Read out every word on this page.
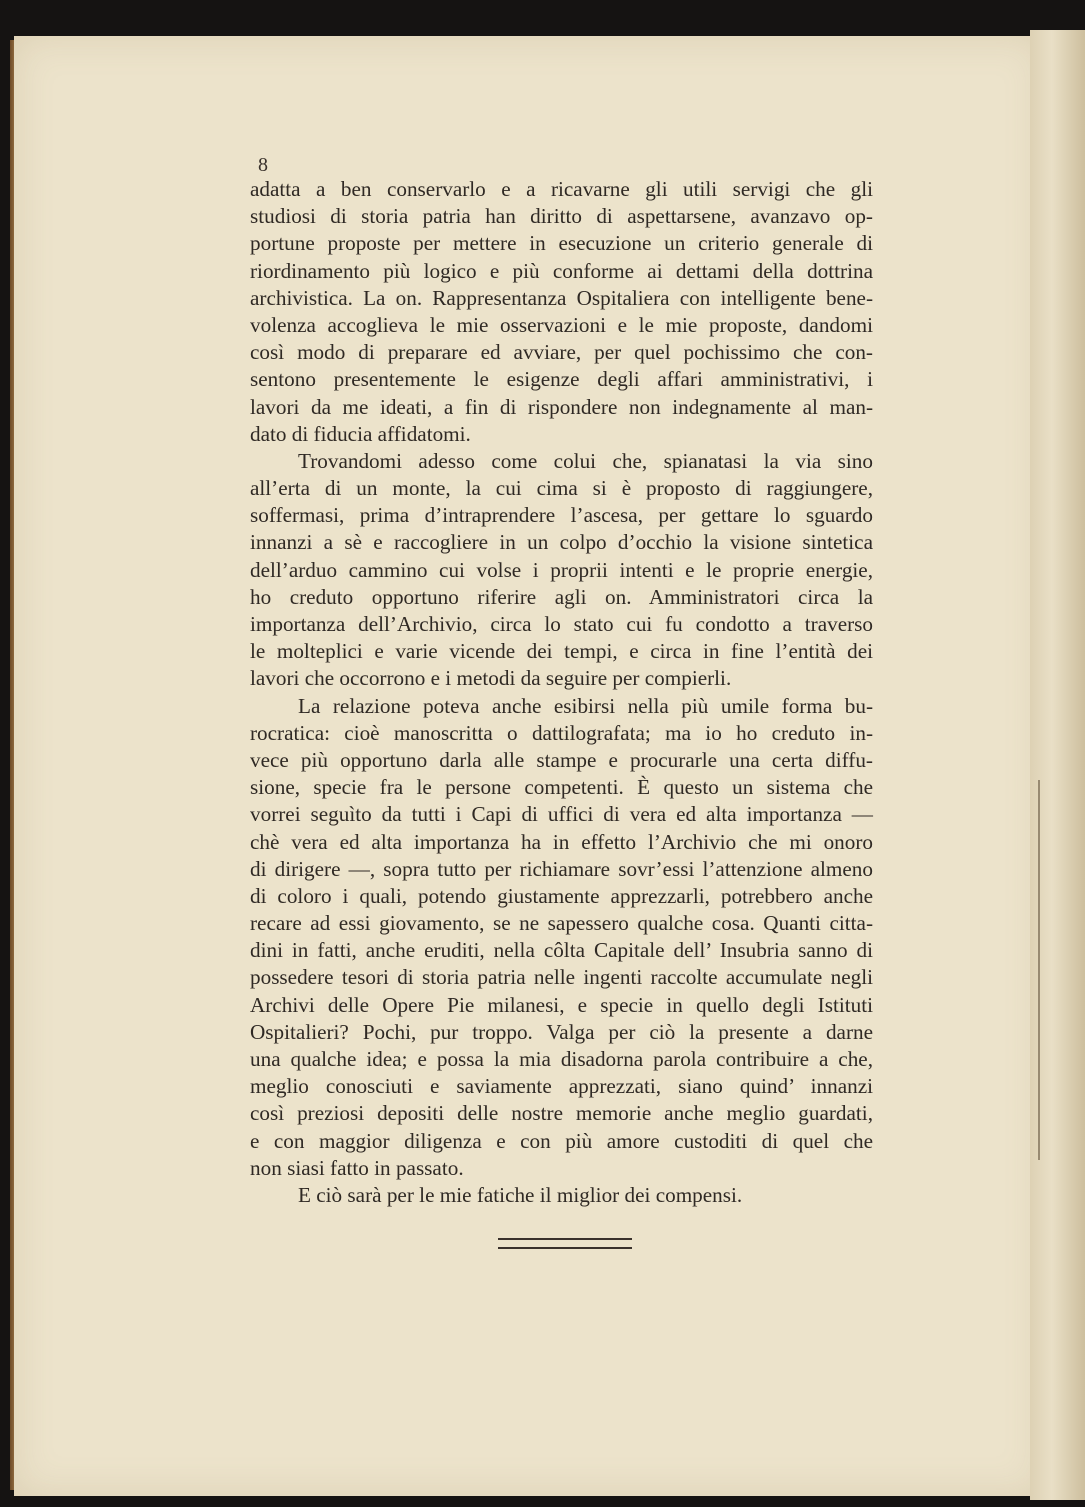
8
adatta a ben conservarlo e a ricavarne gli utili servigi che gli
studiosi di storia patria han diritto di aspettarsene, avanzavo op-
portune proposte per mettere in esecuzione un criterio generale di
riordinamento più logico e più conforme ai dettami della dottrina
archivistica. La on. Rappresentanza Ospitaliera con intelligente bene-
volenza accoglieva le mie osservazioni e le mie proposte, dandomi
così modo di preparare ed avviare, per quel pochissimo che con-
sentono presentemente le esigenze degli affari amministrativi, i
lavori da me ideati, a fin di rispondere non indegnamente al man-
dato di fiducia affidatomi.
Trovandomi adesso come colui che, spianatasi la via sino
all’erta di un monte, la cui cima si è proposto di raggiungere,
soffermasi, prima d’intraprendere l’ascesa, per gettare lo sguardo
innanzi a sè e raccogliere in un colpo d’occhio la visione sintetica
dell’arduo cammino cui volse i proprii intenti e le proprie energie,
ho creduto opportuno riferire agli on. Amministratori circa la
importanza dell’Archivio, circa lo stato cui fu condotto a traverso
le molteplici e varie vicende dei tempi, e circa in fine l’entità dei
lavori che occorrono e i metodi da seguire per compierli.
La relazione poteva anche esibirsi nella più umile forma bu-
rocratica: cioè manoscritta o dattilografata; ma io ho creduto in-
vece più opportuno darla alle stampe e procurarle una certa diffu-
sione, specie fra le persone competenti. È questo un sistema che
vorrei seguìto da tutti i Capi di uffici di vera ed alta importanza —
chè vera ed alta importanza ha in effetto l’Archivio che mi onoro
di dirigere —, sopra tutto per richiamare sovr’essi l’attenzione almeno
di coloro i quali, potendo giustamente apprezzarli, potrebbero anche
recare ad essi giovamento, se ne sapessero qualche cosa. Quanti citta-
dini in fatti, anche eruditi, nella côlta Capitale dell’ Insubria sanno di
possedere tesori di storia patria nelle ingenti raccolte accumulate negli
Archivi delle Opere Pie milanesi, e specie in quello degli Istituti
Ospitalieri? Pochi, pur troppo. Valga per ciò la presente a darne
una qualche idea; e possa la mia disadorna parola contribuire a che,
meglio conosciuti e saviamente apprezzati, siano quind’ innanzi
così preziosi depositi delle nostre memorie anche meglio guardati,
e con maggior diligenza e con più amore custoditi di quel che
non siasi fatto in passato.
E ciò sarà per le mie fatiche il miglior dei compensi.
